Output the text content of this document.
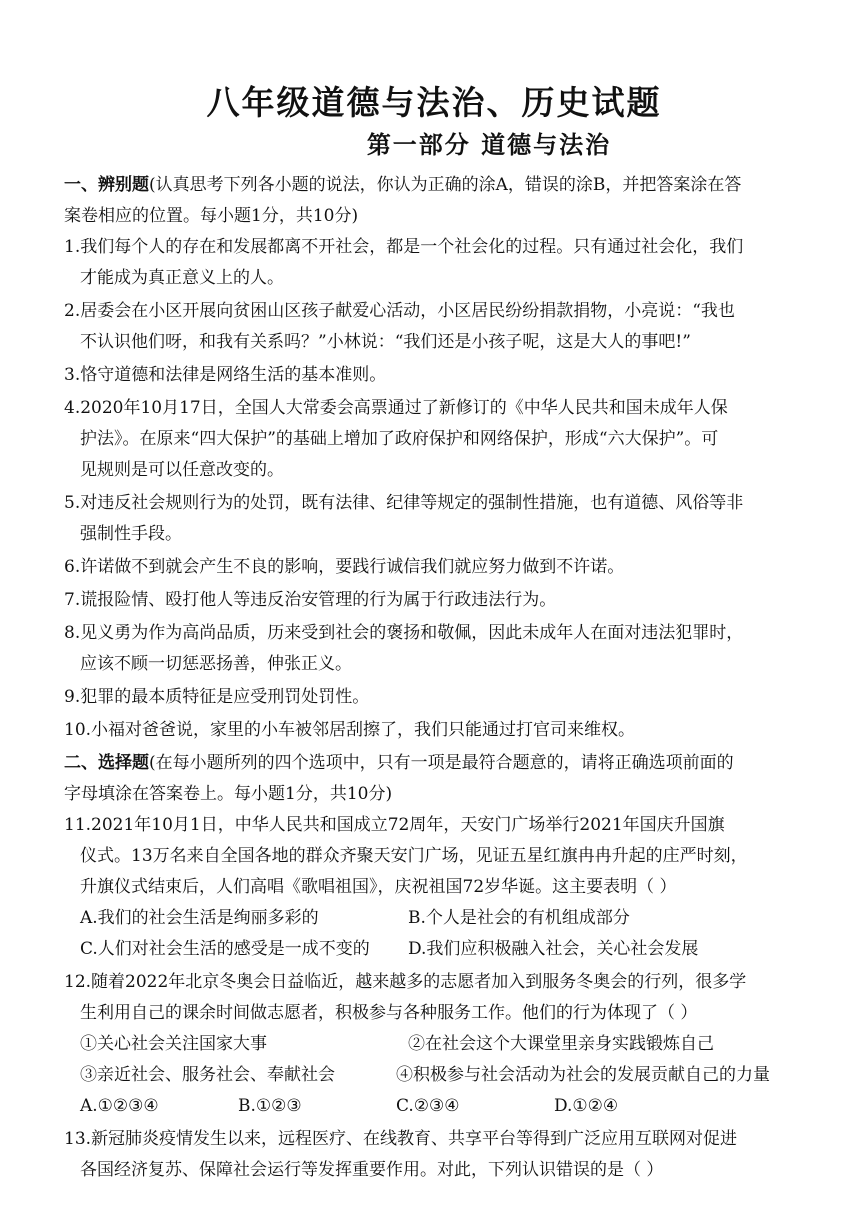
八年级道德与法治、历史试题
第一部分 道德与法治
一、辨别题(认真思考下列各小题的说法，你认为正确的涂A，错误的涂B，并把答案涂在答
案卷相应的位置。每小题1分，共10分)
1.我们每个人的存在和发展都离不开社会，都是一个社会化的过程。只有通过社会化，我们
才能成为真正意义上的人。
2.居委会在小区开展向贫困山区孩子献爱心活动，小区居民纷纷捐款捐物，小亮说：“我也
不认识他们呀，和我有关系吗？”小林说：“我们还是小孩子呢，这是大人的事吧!”
3.恪守道德和法律是网络生活的基本准则。
4.2020年10月17日，全国人大常委会高票通过了新修订的《中华人民共和国未成年人保
护法》。在原来“四大保护”的基础上增加了政府保护和网络保护，形成“六大保护”。可
见规则是可以任意改变的。
5.对违反社会规则行为的处罚，既有法律、纪律等规定的强制性措施，也有道德、风俗等非
强制性手段。
6.许诺做不到就会产生不良的影响，要践行诚信我们就应努力做到不许诺。
7.谎报险情、殴打他人等违反治安管理的行为属于行政违法行为。
8.见义勇为作为高尚品质，历来受到社会的褒扬和敬佩，因此未成年人在面对违法犯罪时，
应该不顾一切惩恶扬善，伸张正义。
9.犯罪的最本质特征是应受刑罚处罚性。
10.小福对爸爸说，家里的小车被邻居刮擦了，我们只能通过打官司来维权。
二、选择题(在每小题所列的四个选项中，只有一项是最符合题意的，请将正确选项前面的
字母填涂在答案卷上。每小题1分，共10分)
11.2021年10月1日，中华人民共和国成立72周年，天安门广场举行2021年国庆升国旗
仪式。13万名来自全国各地的群众齐聚天安门广场，见证五星红旗冉冉升起的庄严时刻，
升旗仪式结束后，人们高唱《歌唱祖国》，庆祝祖国72岁华诞。这主要表明（ ）
A.我们的社会生活是绚丽多彩的	B.个人是社会的有机组成部分
C.人们对社会生活的感受是一成不变的	D.我们应积极融入社会，关心社会发展
12.随着2022年北京冬奥会日益临近，越来越多的志愿者加入到服务冬奥会的行列，很多学
生利用自己的课余时间做志愿者，积极参与各种服务工作。他们的行为体现了（ ）
①关心社会关注国家大事	②在社会这个大课堂里亲身实践锻炼自己
③亲近社会、服务社会、奉献社会	④积极参与社会活动为社会的发展贡献自己的力量
A.①②③④	B.①②③	C.②③④	D.①②④
13.新冠肺炎疫情发生以来，远程医疗、在线教育、共享平台等得到广泛应用互联网对促进
各国经济复苏、保障社会运行等发挥重要作用。对此，下列认识错误的是（ ）
